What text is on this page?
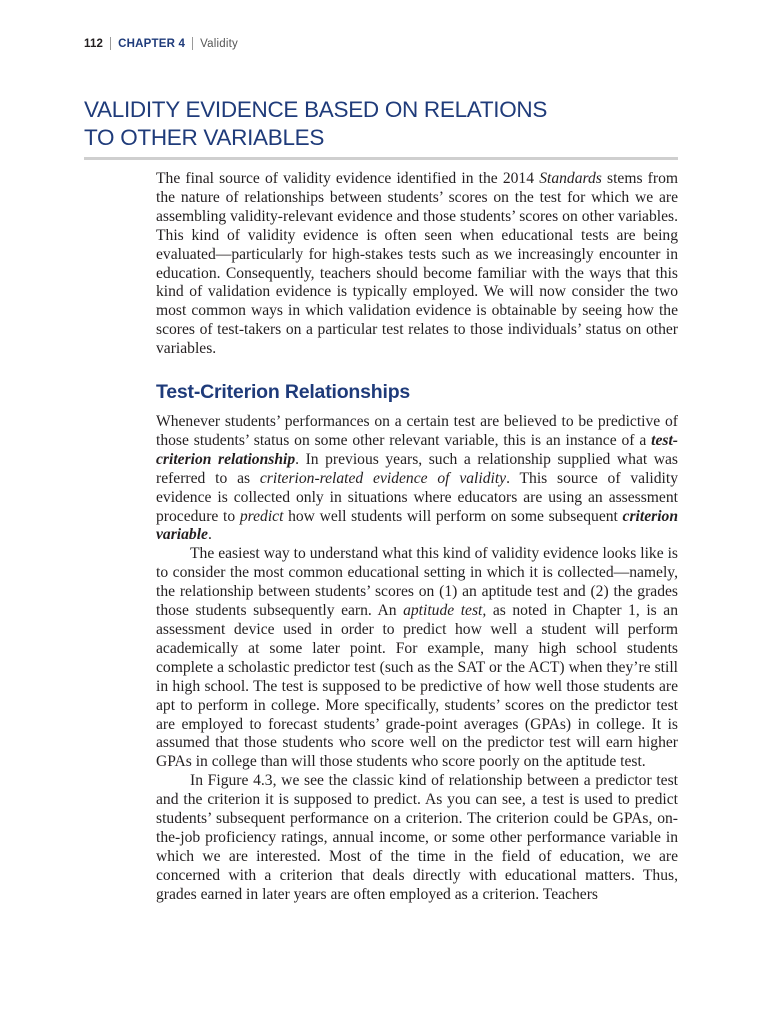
112 CHAPTER 4 Validity
VALIDITY EVIDENCE BASED ON RELATIONS
TO OTHER VARIABLES

The final source of validity evidence identified in the 2014 Standards stems from the nature of relationships between students’ scores on the test for which we are assembling validity-relevant evidence and those students’ scores on other variables. This kind of validity evidence is often seen when educational tests are being evaluated—particularly for high-stakes tests such as we increasingly encounter in education. Consequently, teachers should become familiar with the ways that this kind of validation evidence is typically employed. We will now consider the two most common ways in which validation evidence is obtainable by seeing how the scores of test-takers on a particular test relates to those individuals’ status on other variables.

Test-Criterion Relationships

Whenever students’ performances on a certain test are believed to be predictive of those students’ status on some other relevant variable, this is an instance of a test-criterion relationship. In previous years, such a relationship supplied what was referred to as criterion-related evidence of validity. This source of validity evidence is collected only in situations where educators are using an assessment procedure to predict how well students will perform on some subsequent criterion variable.

The easiest way to understand what this kind of validity evidence looks like is to consider the most common educational setting in which it is collected—namely, the relationship between students’ scores on (1) an aptitude test and (2) the grades those students subsequently earn. An aptitude test, as noted in Chapter 1, is an assessment device used in order to predict how well a student will perform academically at some later point. For example, many high school students complete a scholastic predictor test (such as the SAT or the ACT) when they’re still in high school. The test is supposed to be predictive of how well those students are apt to perform in college. More specifically, students’ scores on the predictor test are employed to forecast students’ grade-point averages (GPAs) in college. It is assumed that those students who score well on the predictor test will earn higher GPAs in college than will those students who score poorly on the aptitude test.

In Figure 4.3, we see the classic kind of relationship between a predictor test and the criterion it is supposed to predict. As you can see, a test is used to predict students’ subsequent performance on a criterion. The criterion could be GPAs, on-the-job proficiency ratings, annual income, or some other performance variable in which we are interested. Most of the time in the field of education, we are concerned with a criterion that deals directly with educational matters. Thus, grades earned in later years are often employed as a criterion. Teachers
